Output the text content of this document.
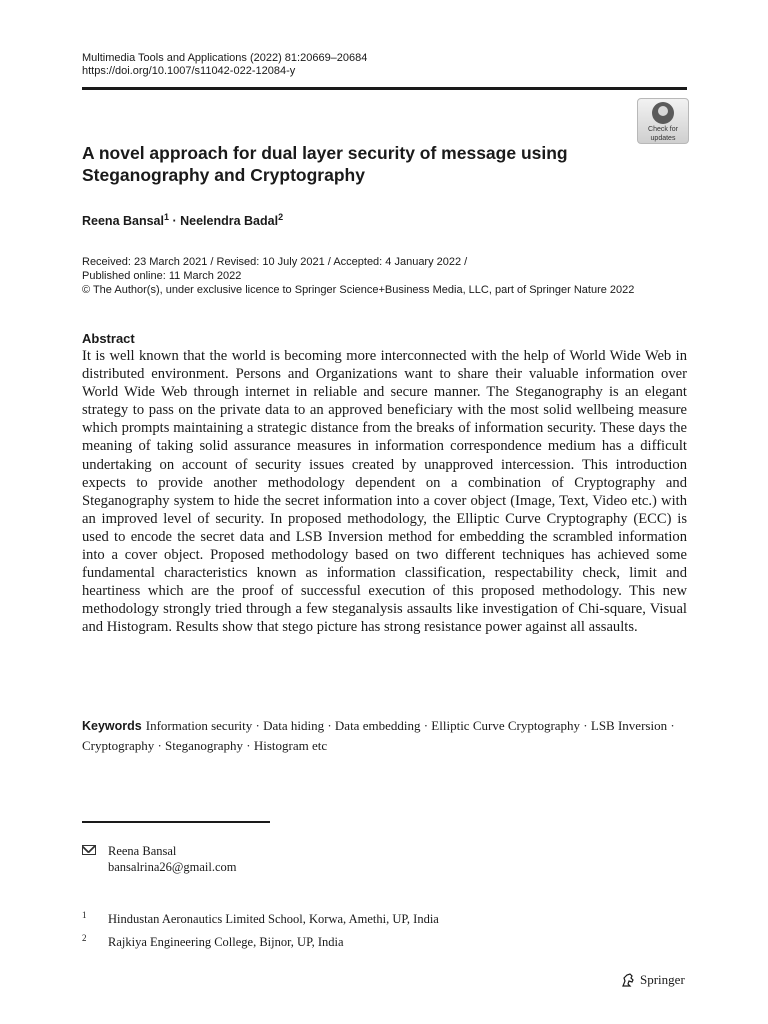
Multimedia Tools and Applications (2022) 81:20669–20684
https://doi.org/10.1007/s11042-022-12084-y
Check for
updates
A novel approach for dual layer security of message using Steganography and Cryptography
Reena Bansal$^1$ · Neelendra Badal$^2$
Received: 23 March 2021 / Revised: 10 July 2021 / Accepted: 4 January 2022 /
Published online: 11 March 2022
© The Author(s), under exclusive licence to Springer Science+Business Media, LLC, part of Springer Nature 2022
Abstract
It is well known that the world is becoming more interconnected with the help of World Wide Web in distributed environment. Persons and Organizations want to share their valuable information over World Wide Web through internet in reliable and secure manner. The Steganography is an elegant strategy to pass on the private data to an approved beneficiary with the most solid wellbeing measure which prompts maintaining a strategic distance from the breaks of information security. These days the meaning of taking solid assurance measures in information correspondence medium has a difficult undertaking on account of security issues created by unapproved intercession. This introduction expects to provide another methodology dependent on a combination of Cryptography and Steganography system to hide the secret information into a cover object (Image, Text, Video etc.) with an improved level of security. In proposed methodology, the Elliptic Curve Cryptography (ECC) is used to encode the secret data and LSB Inversion method for embedding the scrambled information into a cover object. Proposed methodology based on two different techniques has achieved some fundamental characteristics known as information classification, respectability check, limit and heartiness which are the proof of successful execution of this proposed methodology. This new methodology strongly tried through a few steganalysis assaults like investigation of Chi-square, Visual and Histogram. Results show that stego picture has strong resistance power against all assaults.
Keywords Information security · Data hiding · Data embedding · Elliptic Curve Cryptography · LSB Inversion · Cryptography · Steganography · Histogram etc
Reena Bansal
bansalrina26@gmail.com
1 Hindustan Aeronautics Limited School, Korwa, Amethi, UP, India
2 Rajkiya Engineering College, Bijnor, UP, India
Springer
